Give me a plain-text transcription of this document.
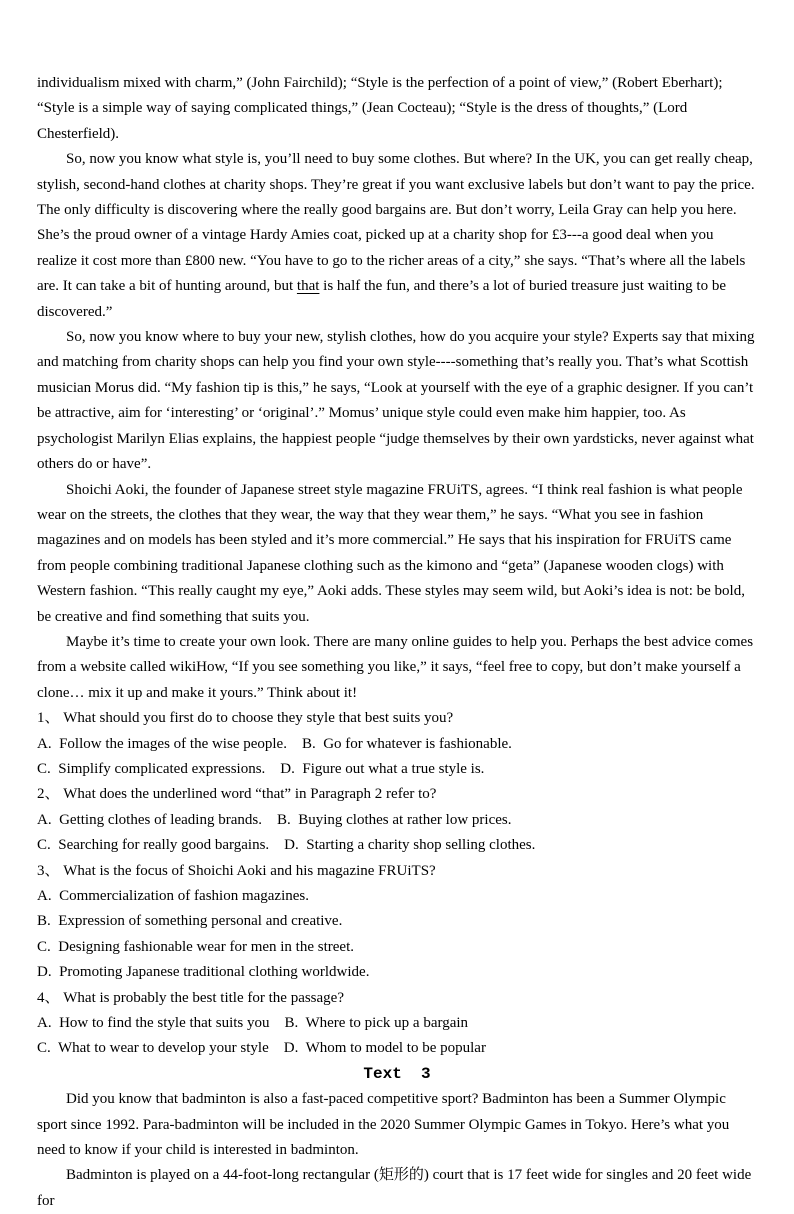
individualism mixed with charm,” (John Fairchild); “Style is the perfection of a point of view,” (Robert Eberhart); “Style is a simple way of saying complicated things,” (Jean Cocteau); “Style is the dress of thoughts,” (Lord Chesterfield).

So, now you know what style is, you’ll need to buy some clothes. But where? In the UK, you can get really cheap, stylish, second-hand clothes at charity shops. They’re great if you want exclusive labels but don’t want to pay the price. The only difficulty is discovering where the really good bargains are. But don’t worry, Leila Gray can help you here. She’s the proud owner of a vintage Hardy Amies coat, picked up at a charity shop for £3---a good deal when you realize it cost more than £800 new. “You have to go to the richer areas of a city,” she says. “That’s where all the labels are. It can take a bit of hunting around, but that is half the fun, and there’s a lot of buried treasure just waiting to be discovered.”

So, now you know where to buy your new, stylish clothes, how do you acquire your style? Experts say that mixing and matching from charity shops can help you find your own style----something that’s really you. That’s what Scottish musician Morus did. “My fashion tip is this,” he says, “Look at yourself with the eye of a graphic designer. If you can’t be attractive, aim for ‘interesting’ or ‘original’.” Momus’ unique style could even make him happier, too. As psychologist Marilyn Elias explains, the happiest people “judge themselves by their own yardsticks, never against what others do or have”.

Shoichi Aoki, the founder of Japanese street style magazine FRUiTS, agrees. “I think real fashion is what people wear on the streets, the clothes that they wear, the way that they wear them,” he says. “What you see in fashion magazines and on models has been styled and it’s more commercial.” He says that his inspiration for FRUiTS came from people combining traditional Japanese clothing such as the kimono and “geta” (Japanese wooden clogs) with Western fashion. “This really caught my eye,” Aoki adds. These styles may seem wild, but Aoki’s idea is not: be bold, be creative and find something that suits you.

Maybe it’s time to create your own look. There are many online guides to help you. Perhaps the best advice comes from a website called wikiHow, “If you see something you like,” it says, “feel free to copy, but don’t make yourself a clone… mix it up and make it yours.” Think about it!

1、 What should you first do to choose they style that best suits you?
A.  Follow the images of the wise people.    B.  Go for whatever is fashionable.
C.  Simplify complicated expressions.    D.  Figure out what a true style is.
2、 What does the underlined word “that” in Paragraph 2 refer to?
A.  Getting clothes of leading brands.    B.  Buying clothes at rather low prices.
C.  Searching for really good bargains.    D.  Starting a charity shop selling clothes.
3、 What is the focus of Shoichi Aoki and his magazine FRUiTS?
A.  Commercialization of fashion magazines.
B.  Expression of something personal and creative.
C.  Designing fashionable wear for men in the street.
D.  Promoting Japanese traditional clothing worldwide.
4、 What is probably the best title for the passage?
A.  How to find the style that suits you    B.  Where to pick up a bargain
C.  What to wear to develop your style    D.  Whom to model to be popular
Text  3

Did you know that badminton is also a fast-paced competitive sport? Badminton has been a Summer Olympic sport since 1992. Para-badminton will be included in the 2020 Summer Olympic Games in Tokyo. Here’s what you need to know if your child is interested in badminton.

Badminton is played on a 44-foot-long rectangular (矩形的) court that is 17 feet wide for singles and 20 feet wide for
